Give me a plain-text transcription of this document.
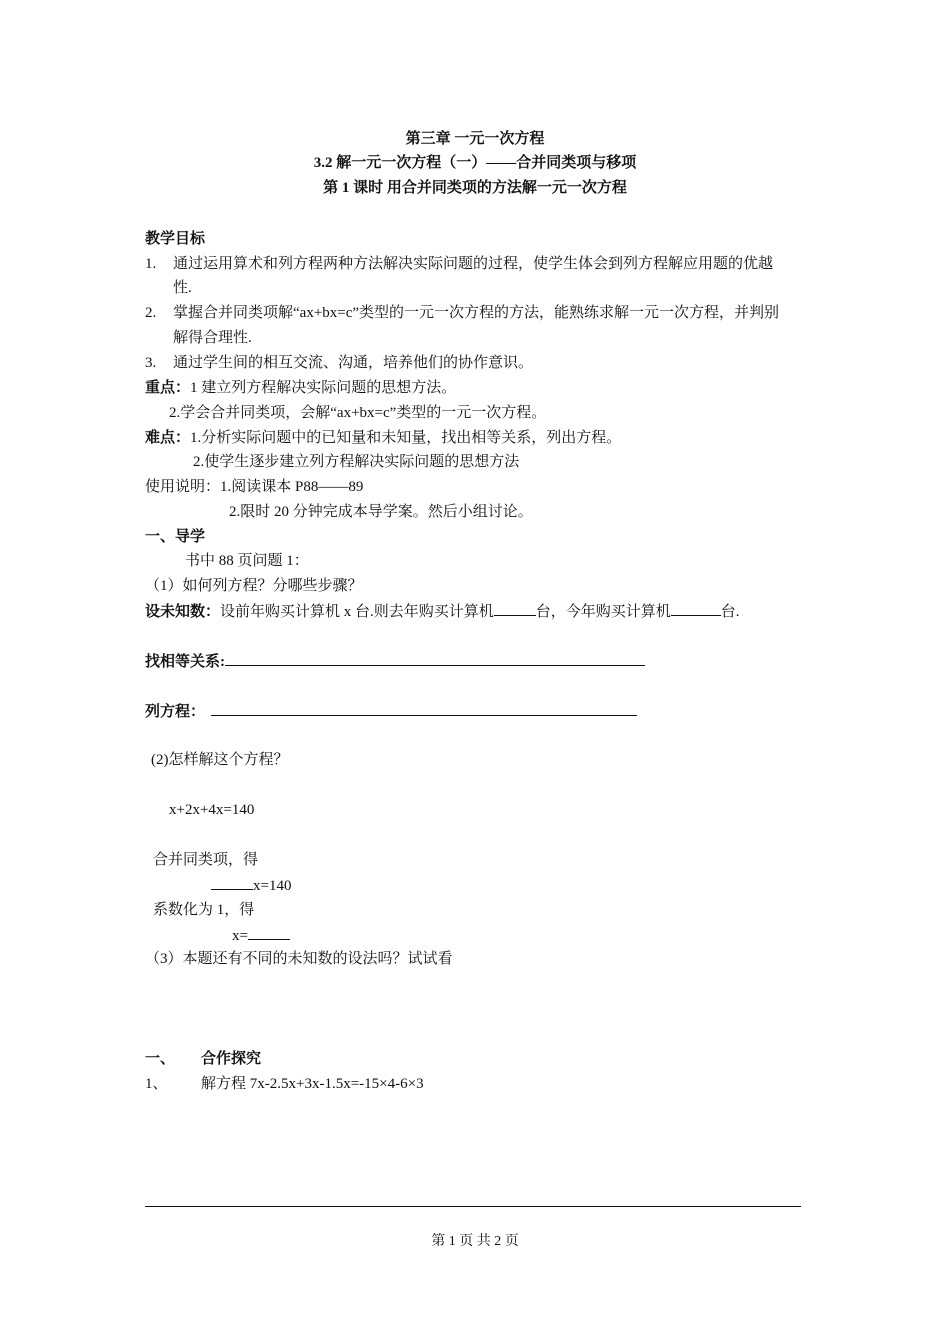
第三章 一元一次方程
3.2 解一元一次方程（一）——合并同类项与移项
第 1 课时 用合并同类项的方法解一元一次方程
教学目标
1. 通过运用算术和列方程两种方法解决实际问题的过程，使学生体会到列方程解应用题的优越
性.
2. 掌握合并同类项解“ax+bx=c”类型的一元一次方程的方法，能熟练求解一元一次方程，并判别
解得合理性.
3. 通过学生间的相互交流、沟通，培养他们的协作意识。
重点：1 建立列方程解决实际问题的思想方法。
2.学会合并同类项，会解“ax+bx=c”类型的一元一次方程。
难点：1.分析实际问题中的已知量和未知量，找出相等关系，列出方程。
2.使学生逐步建立列方程解决实际问题的思想方法
使用说明：1.阅读课本 P88——89
2.限时 20 分钟完成本导学案。然后小组讨论。
一、导学
书中 88 页问题 1：
（1）如何列方程？分哪些步骤？
设未知数：设前年购买计算机 x 台.则去年购买计算机	台，今年购买计算机	台.
找相等关系:
列方程：
(2)怎样解这个方程？
x+2x+4x=140
合并同类项，得
x=140
系数化为 1，得
x=
（3）本题还有不同的未知数的设法吗？试试看
一、 合作探究
1、 解方程 7x-2.5x+3x-1.5x=-15×4-6×3
第 1 页 共 2 页
